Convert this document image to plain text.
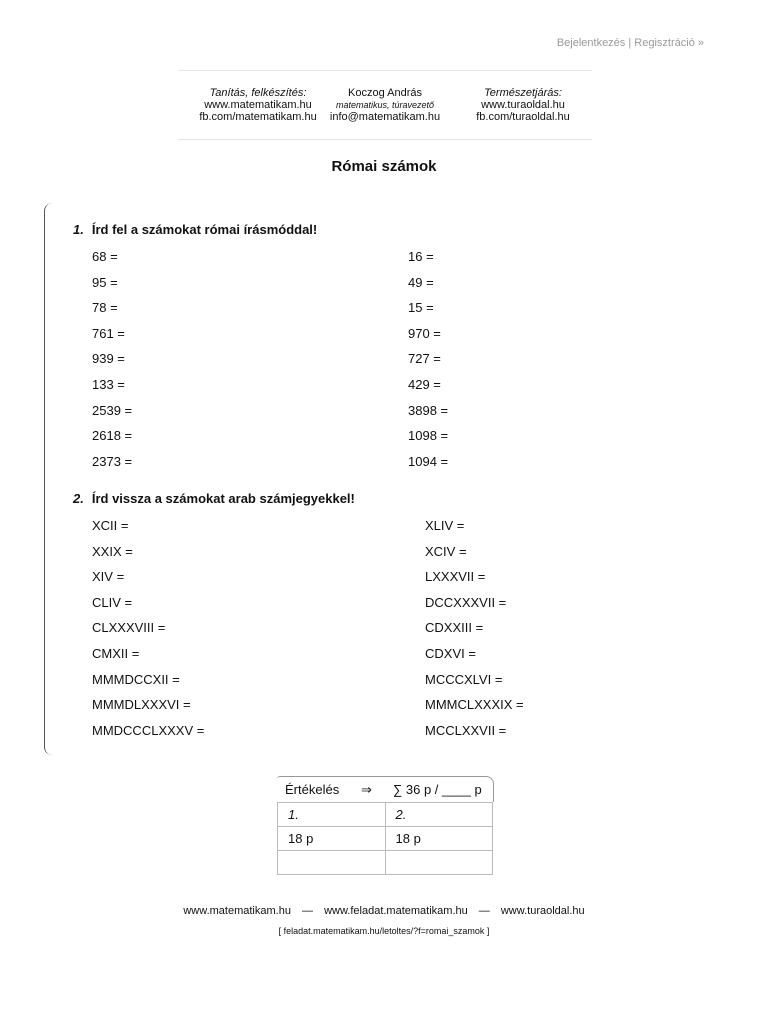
Bejelentkezés | Regisztráció »
Tanítás, felkészítés:
www.matematikam.hu
fb.com/matematikam.hu
Koczog András
matematikus, túravezető
info@matematikam.hu
Természetjárás:
www.turaoldal.hu
fb.com/turaoldal.hu
Római számok
1. Írd fel a számokat római írásmóddal!
68 =
95 =
78 =
761 =
939 =
133 =
2539 =
2618 =
2373 =
16 =
49 =
15 =
970 =
727 =
429 =
3898 =
1098 =
1094 =
2. Írd vissza a számokat arab számjegyekkel!
XCII =
XXIX =
XIV =
CLIV =
CLXXXVIII =
CMXII =
MMMDCCXII =
MMMDLXXXVI =
MMDCCCLXXXV =
XLIV =
XCIV =
LXXXVII =
DCCXXXVII =
CDXXIII =
CDXVI =
MCCCXLVI =
MMMCLXXXIX =
MCCLXXVII =
Értékelés ⇒ ∑ 36 p / ____ p
1.	2.
18 p	18 p

www.matematikam.hu — www.feladat.matematikam.hu — www.turaoldal.hu
[ feladat.matematikam.hu/letoltes/?f=romai_szamok ]
